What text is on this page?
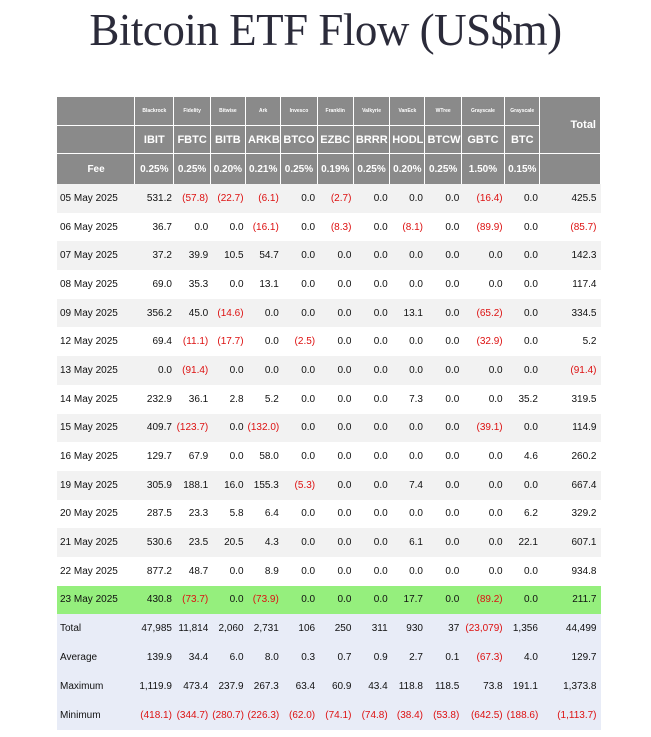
Bitcoin ETF Flow (US$m)
	Blackrock	Fidelity	Bitwise	Ark	Invesco	Franklin	Valkyrie	VanEck	WTree	Grayscale	Grayscale	Total
	IBIT	FBTC	BITB	ARKB	BTCO	EZBC	BRRR	HODL	BTCW	GBTC	BTC	
Fee	0.25%	0.25%	0.20%	0.21%	0.25%	0.19%	0.25%	0.20%	0.25%	1.50%	0.15%	
05 May 2025	531.2	(57.8)	(22.7)	(6.1)	0.0	(2.7)	0.0	0.0	0.0	(16.4)	0.0	425.5
06 May 2025	36.7	0.0	0.0	(16.1)	0.0	(8.3)	0.0	(8.1)	0.0	(89.9)	0.0	(85.7)
07 May 2025	37.2	39.9	10.5	54.7	0.0	0.0	0.0	0.0	0.0	0.0	0.0	142.3
08 May 2025	69.0	35.3	0.0	13.1	0.0	0.0	0.0	0.0	0.0	0.0	0.0	117.4
09 May 2025	356.2	45.0	(14.6)	0.0	0.0	0.0	0.0	13.1	0.0	(65.2)	0.0	334.5
12 May 2025	69.4	(11.1)	(17.7)	0.0	(2.5)	0.0	0.0	0.0	0.0	(32.9)	0.0	5.2
13 May 2025	0.0	(91.4)	0.0	0.0	0.0	0.0	0.0	0.0	0.0	0.0	0.0	(91.4)
14 May 2025	232.9	36.1	2.8	5.2	0.0	0.0	0.0	7.3	0.0	0.0	35.2	319.5
15 May 2025	409.7	(123.7)	0.0	(132.0)	0.0	0.0	0.0	0.0	0.0	(39.1)	0.0	114.9
16 May 2025	129.7	67.9	0.0	58.0	0.0	0.0	0.0	0.0	0.0	0.0	4.6	260.2
19 May 2025	305.9	188.1	16.0	155.3	(5.3)	0.0	0.0	7.4	0.0	0.0	0.0	667.4
20 May 2025	287.5	23.3	5.8	6.4	0.0	0.0	0.0	0.0	0.0	0.0	6.2	329.2
21 May 2025	530.6	23.5	20.5	4.3	0.0	0.0	0.0	6.1	0.0	0.0	22.1	607.1
22 May 2025	877.2	48.7	0.0	8.9	0.0	0.0	0.0	0.0	0.0	0.0	0.0	934.8
23 May 2025	430.8	(73.7)	0.0	(73.9)	0.0	0.0	0.0	17.7	0.0	(89.2)	0.0	211.7
Total	47,985	11,814	2,060	2,731	106	250	311	930	37	(23,079)	1,356	44,499
Average	139.9	34.4	6.0	8.0	0.3	0.7	0.9	2.7	0.1	(67.3)	4.0	129.7
Maximum	1,119.9	473.4	237.9	267.3	63.4	60.9	43.4	118.8	118.5	73.8	191.1	1,373.8
Minimum	(418.1)	(344.7)	(280.7)	(226.3)	(62.0)	(74.1)	(74.8)	(38.4)	(53.8)	(642.5)	(188.6)	(1,113.7)
